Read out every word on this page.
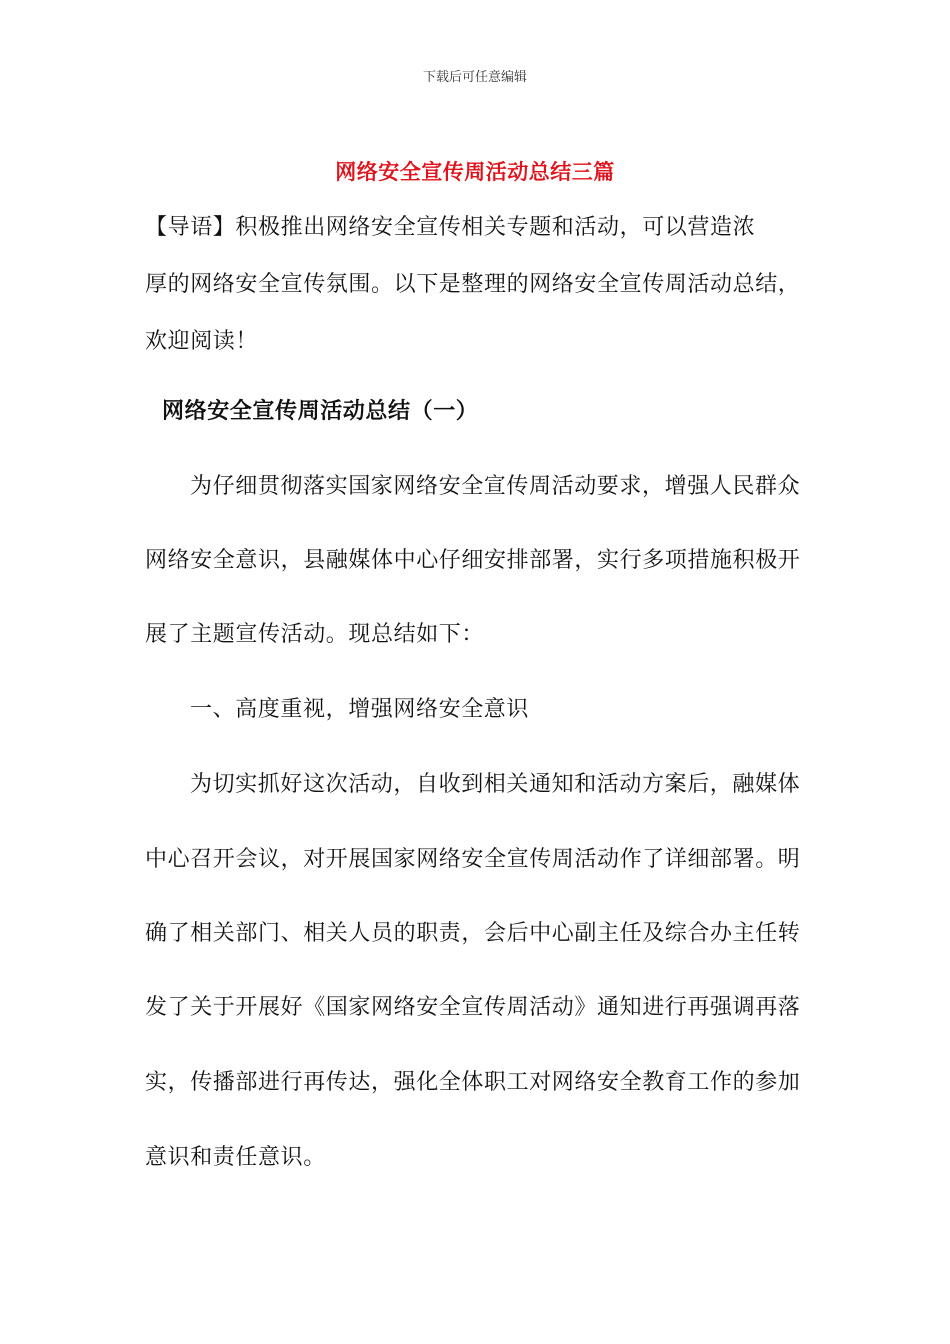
下载后可任意编辑
网络安全宣传周活动总结三篇
【导语】积极推出网络安全宣传相关专题和活动，可以营造浓
厚的网络安全宣传氛围。以下是整理的网络安全宣传周活动总结，
欢迎阅读！
网络安全宣传周活动总结（一）
为仔细贯彻落实国家网络安全宣传周活动要求，增强人民群众
网络安全意识，县融媒体中心仔细安排部署，实行多项措施积极开
展了主题宣传活动。现总结如下：
一、高度重视，增强网络安全意识
为切实抓好这次活动，自收到相关通知和活动方案后，融媒体
中心召开会议，对开展国家网络安全宣传周活动作了详细部署。明
确了相关部门、相关人员的职责，会后中心副主任及综合办主任转
发了关于开展好《国家网络安全宣传周活动》通知进行再强调再落
实，传播部进行再传达，强化全体职工对网络安全教育工作的参加
意识和责任意识。
